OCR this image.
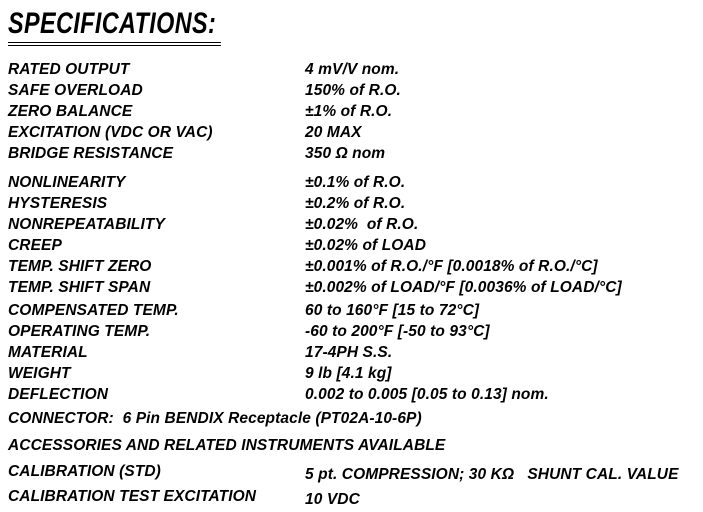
SPECIFICATIONS:
RATED OUTPUT	4 mV/V nom.
SAFE OVERLOAD	150% of R.O.
ZERO BALANCE	±1% of R.O.
EXCITATION (VDC OR VAC)	20 MAX
BRIDGE RESISTANCE	350 Ω nom
NONLINEARITY	±0.1% of R.O.
HYSTERESIS	±0.2% of R.O.
NONREPEATABILITY	±0.02%  of R.O.
CREEP	±0.02% of LOAD
TEMP. SHIFT ZERO	±0.001% of R.O./°F [0.0018% of R.O./°C]
TEMP. SHIFT SPAN	±0.002% of LOAD/°F [0.0036% of LOAD/°C]
COMPENSATED TEMP.	60 to 160°F [15 to 72°C]
OPERATING TEMP.	-60 to 200°F [-50 to 93°C]
MATERIAL	17-4PH S.S.
WEIGHT	9 lb [4.1 kg]
DEFLECTION	0.002 to 0.005 [0.05 to 0.13] nom.
CONNECTOR:  6 Pin BENDIX Receptacle (PT02A-10-6P)
ACCESSORIES AND RELATED INSTRUMENTS AVAILABLE
CALIBRATION (STD)	5 pt. COMPRESSION; 30 KΩ   SHUNT CAL. VALUE
CALIBRATION TEST EXCITATION	10 VDC
